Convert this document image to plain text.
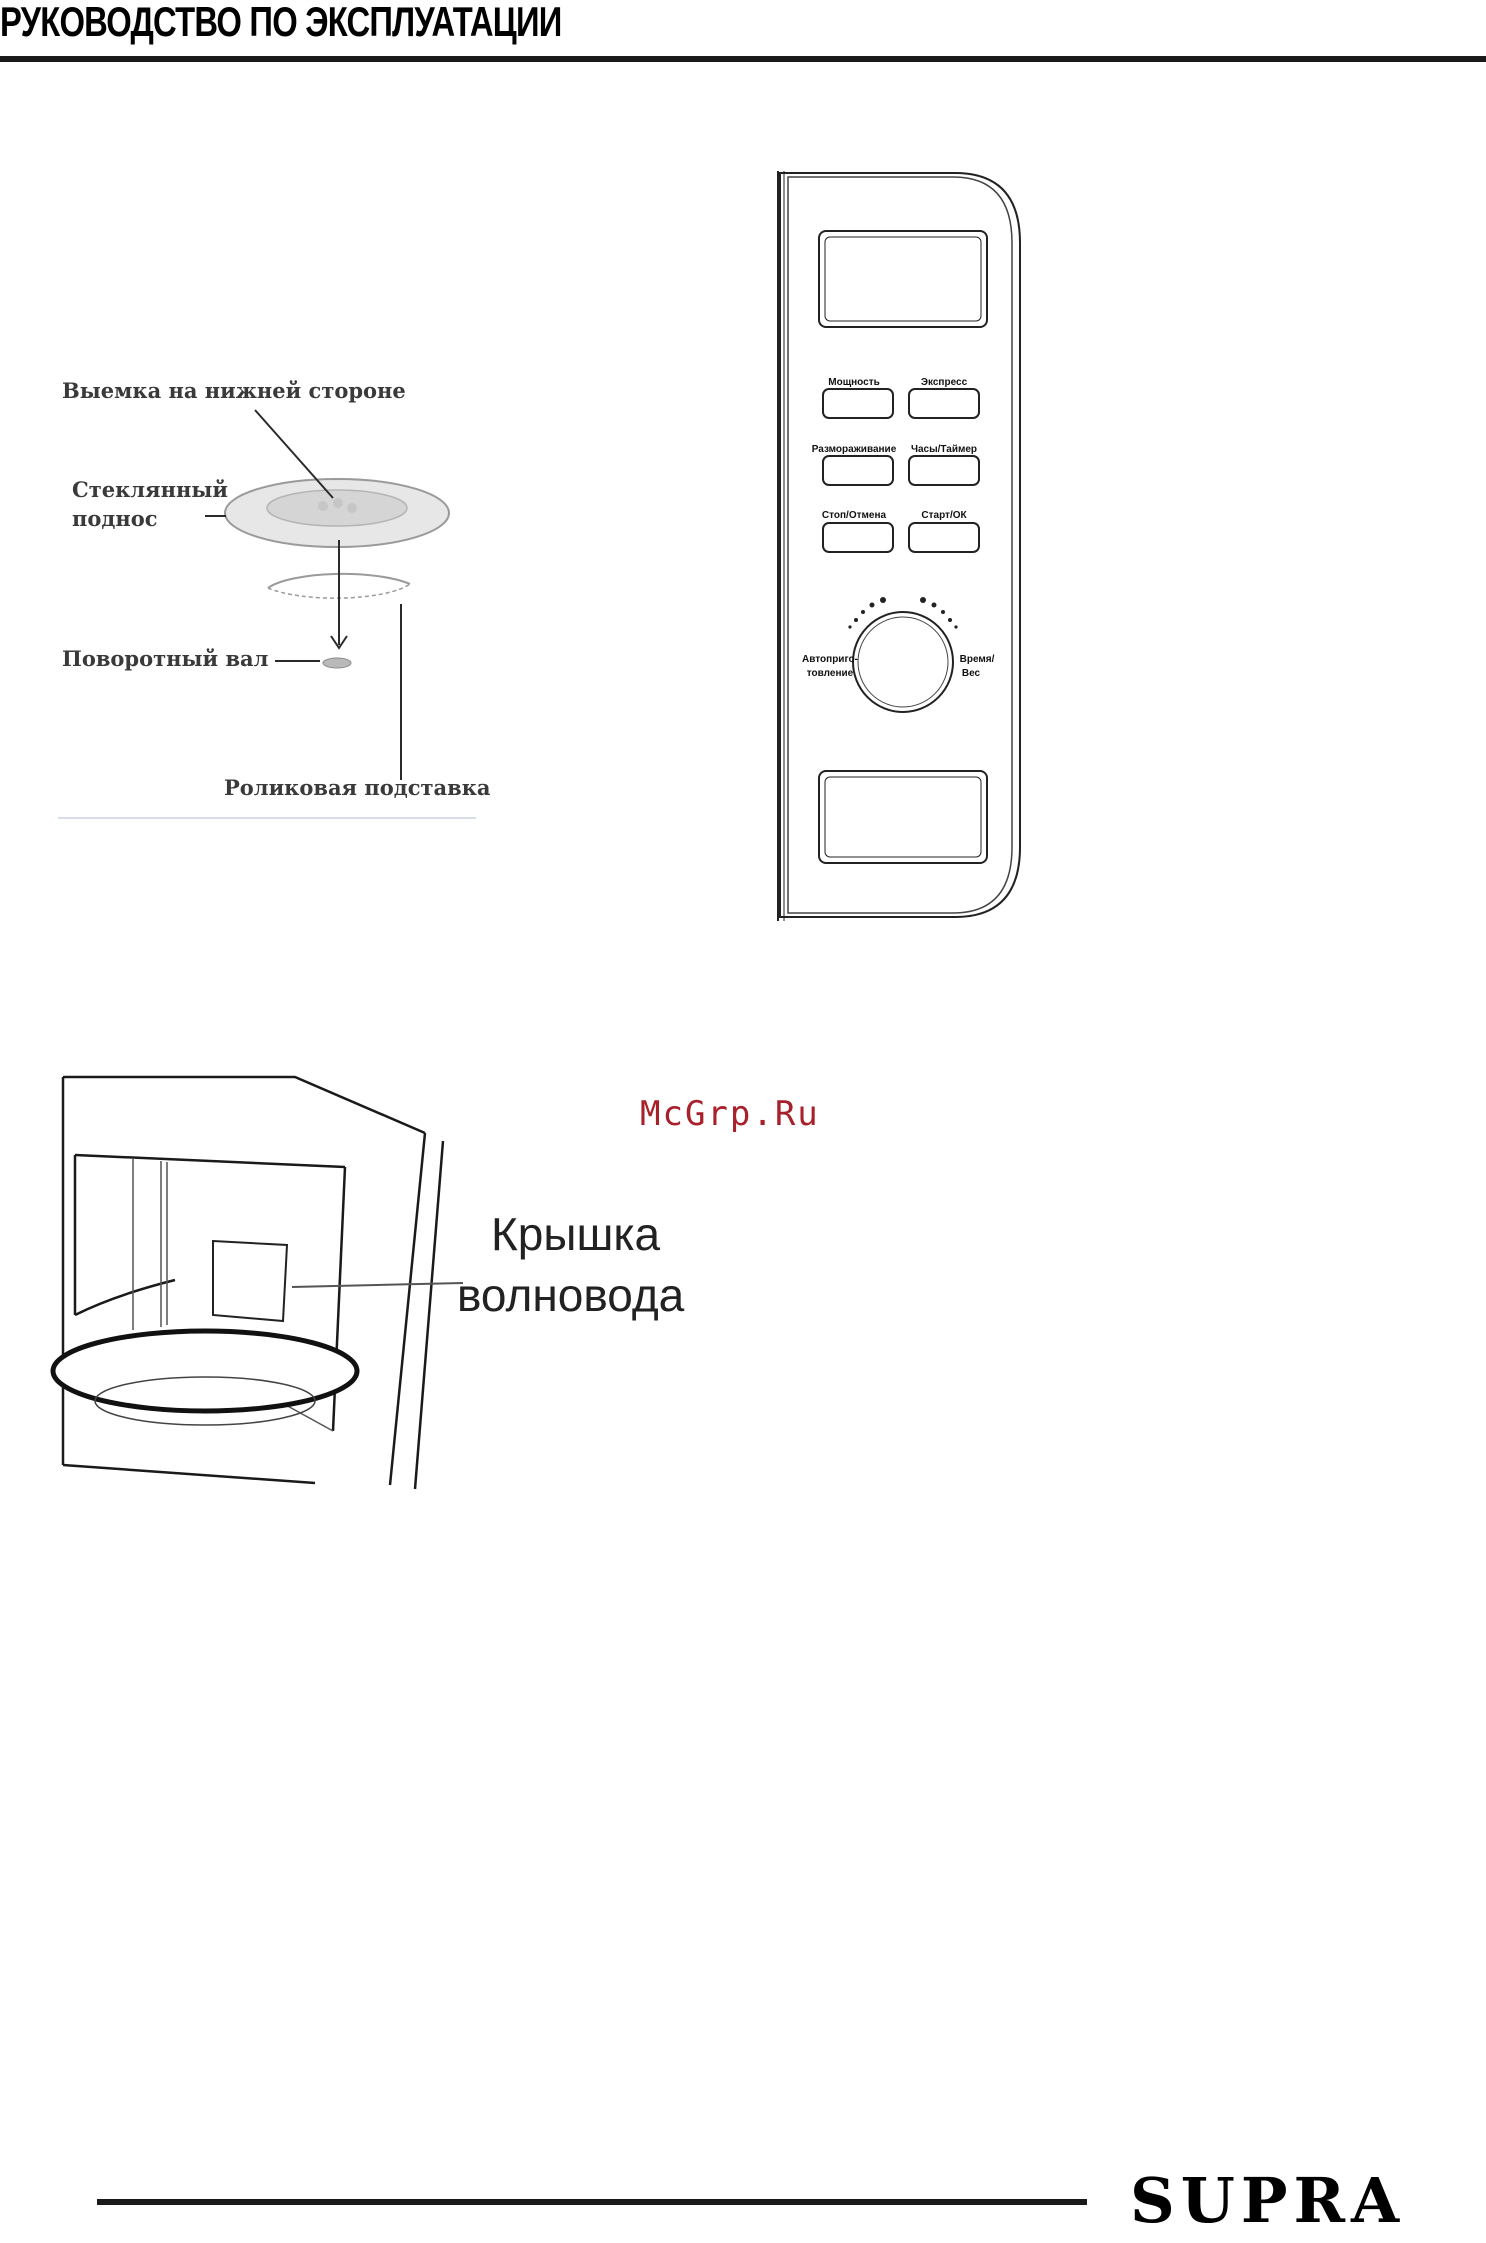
РУКОВОДСТВО ПО ЭКСПЛУАТАЦИИ
Выемка на нижней стороне
Стеклянный
поднос
Поворотный вал
Роликовая подставка
Мощность	Экспресс
Размораживание Часы/Таймер
Стоп/Отмена	Старт/ОК
Автоприго-
товление
Время/
Вес
Крышка
волновода
McGrp.Ru
SUPRA
